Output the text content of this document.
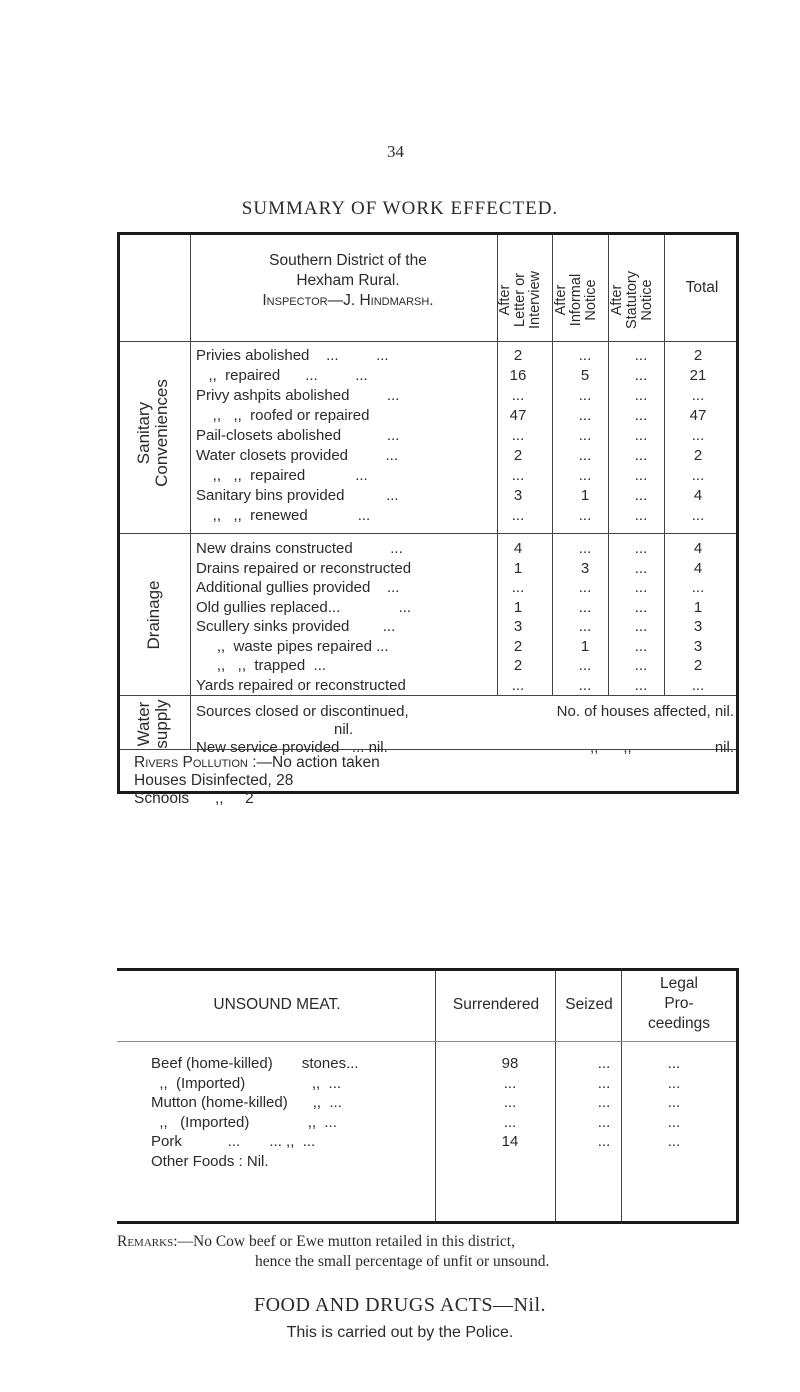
34
SUMMARY OF WORK EFFECTED.
Southern District of the
Hexham Rural.
Inspector—J. Hindmarsh.	After Letter or Interview After Informal Notice After Statutory Notice	Total
Sanitary Conveniences
Drainage
Water supply
Privies abolished    ...         ...	2	...	...	2
,,  repaired      ...         ...	16	5	...	21
Privy ashpits abolished         ...	...	...	...	...
,,   ,,  roofed or repaired	47	...	...	47
Pail-closets abolished           ...	...	...	...	...
Water closets provided         ...	2	...	...	2
,,   ,,  repaired            ...	...	...	...	...
Sanitary bins provided          ...	3	1	...	4
,,   ,,  renewed            ...	...	...	...	...
New drains constructed         ...	4	...	...	4
Drains repaired or reconstructed	1	3	...	4
Additional gullies provided    ...	...	...	...	...
Old gullies replaced...              ...	1	...	...	1
Scullery sinks provided        ...	3	...	...	3
,,  waste pipes repaired ...	2	1	...	3
,,   ,,  trapped  ...	2	...	...	2
Yards repaired or reconstructed	...	...	...	...
Sources closed or discontinued,	No. of houses affected, nil.
nil.
New service provided   ... nil.	,,      ,,	nil.
Rivers Pollution :—No action taken
Houses Disinfected, 28
Schools      ,,     2
UNSOUND MEAT.	Surrendered	Seized
Legal
Pro-
ceedings
Beef (home-killed)       stones...	98	...	...
,,  (Imported)                ,,  ...	...	...	...
Mutton (home-killed)      ,,  ...	...	...	...
,,   (Imported)              ,,  ...	...	...	...
Pork           ...       ... ,,  ...	14	...	...
Other Foods : Nil.
Remarks:—No Cow beef or Ewe mutton retailed in this district,
hence the small percentage of unfit or unsound.
FOOD AND DRUGS ACTS—Nil.
This is carried out by the Police.
